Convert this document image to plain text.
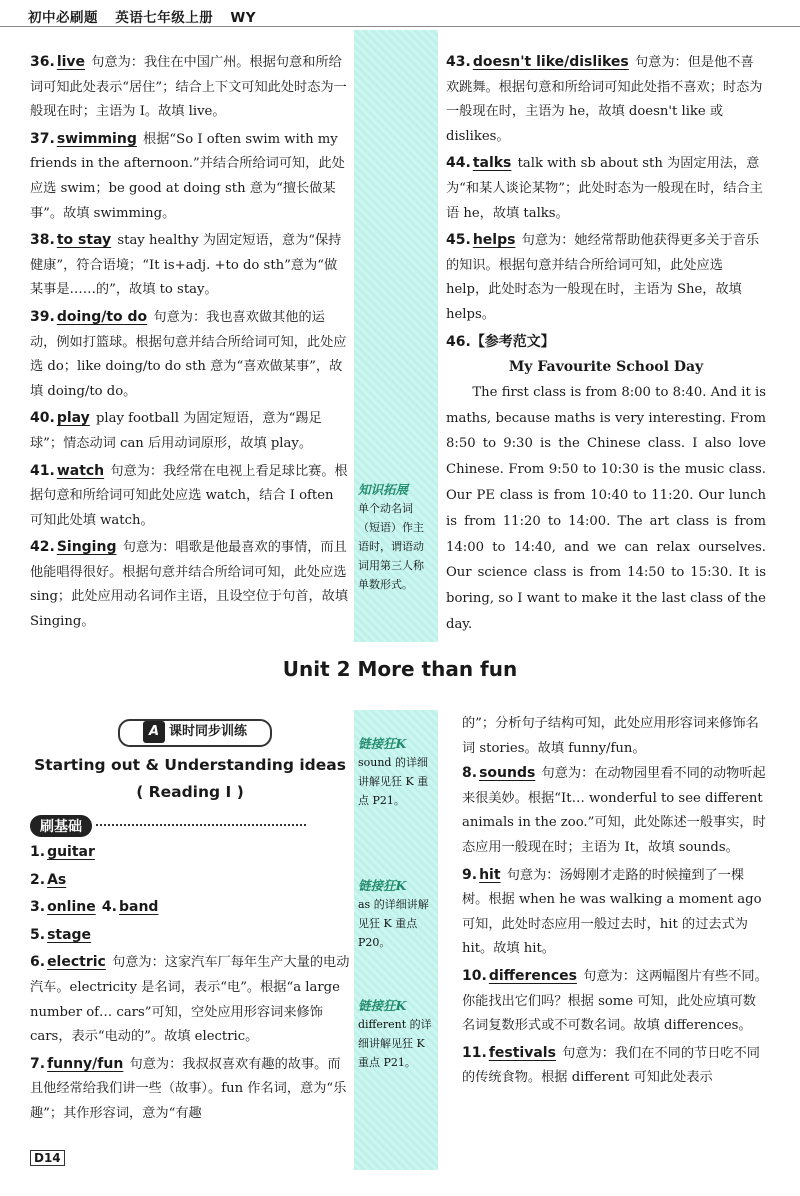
初中必刷题 英语七年级上册 WY
36. live 句意为：我住在中国广州。根据句意和所给词可知此处表示“居住”；结合上下文可知此处时态为一般现在时；主语为 I。故填 live。
37. swimming 根据“So I often swim with my friends in the afternoon.”并结合所给词可知，此处应选 swim；be good at doing sth 意为“擅长做某事”。故填 swimming。
38. to stay stay healthy 为固定短语，意为“保持健康”，符合语境；“It is+adj. +to do sth”意为“做某事是……的”，故填 to stay。
39. doing/to do 句意为：我也喜欢做其他的运动，例如打篮球。根据句意并结合所给词可知，此处应选 do；like doing/to do sth 意为“喜欢做某事”，故填 doing/to do。
40. play play football 为固定短语，意为“踢足球”；情态动词 can 后用动词原形，故填 play。
41. watch 句意为：我经常在电视上看足球比赛。根据句意和所给词可知此处应选 watch，结合 I often 可知此处填 watch。
42. Singing 句意为：唱歌是他最喜欢的事情，而且他能唱得很好。根据句意并结合所给词可知，此处应选 sing；此处应用动名词作主语，且设空位于句首，故填 Singing。
43. doesn't like/dislikes 句意为：但是他不喜欢跳舞。根据句意和所给词可知此处指不喜欢；时态为一般现在时，主语为 he，故填 doesn't like 或 dislikes。
44. talks talk with sb about sth 为固定用法，意为“和某人谈论某物”；此处时态为一般现在时，结合主语 he，故填 talks。
45. helps 句意为：她经常帮助他获得更多关于音乐的知识。根据句意并结合所给词可知，此处应选 help，此处时态为一般现在时，主语为 She，故填 helps。
46.【参考范文】
My Favourite School Day
The first class is from 8:00 to 8:40. And it is maths, because maths is very interesting. From 8:50 to 9:30 is the Chinese class. I also love Chinese. From 9:50 to 10:30 is the music class. Our PE class is from 10:40 to 11:20. Our lunch is from 11:20 to 14:00. The art class is from 14:00 to 14:40, and we can relax ourselves. Our science class is from 14:50 to 15:30. It is boring, so I want to make it the last class of the day.
知识拓展
单个动名词（短语）作主语时，谓语动词用第三人称单数形式。
Unit 2 More than fun
A 课时同步训练
Starting out & Understanding ideas
( Reading Ⅰ )
刷基础
1. guitar
2. As
3. online 4. band
5. stage
6. electric 句意为：这家汽车厂每年生产大量的电动汽车。electricity 是名词，表示“电”。根据“a large number of… cars”可知，空处应用形容词来修饰 cars，表示“电动的”。故填 electric。
7. funny/fun 句意为：我叔叔喜欢有趣的故事。而且他经常给我们讲一些（故事）。fun 作名词，意为“乐趣”；其作形容词，意为“有趣
的”；分析句子结构可知，此处应用形容词来修饰名词 stories。故填 funny/fun。
8. sounds 句意为：在动物园里看不同的动物听起来很美妙。根据“It… wonderful to see different animals in the zoo.”可知，此处陈述一般事实，时态应用一般现在时；主语为 It，故填 sounds。
9. hit 句意为：汤姆刚才走路的时候撞到了一棵树。根据 when he was walking a moment ago 可知，此处时态应用一般过去时，hit 的过去式为 hit。故填 hit。
10. differences 句意为：这两幅图片有些不同。你能找出它们吗？根据 some 可知，此处应填可数名词复数形式或不可数名词。故填 differences。
11. festivals 句意为：我们在不同的节日吃不同的传统食物。根据 different 可知此处表示
链接狂K
sound 的详细讲解见狂 K 重点 P21。
链接狂K
as 的详细讲解见狂 K 重点 P20。
链接狂K
different 的详细讲解见狂 K 重点 P21。
D14
